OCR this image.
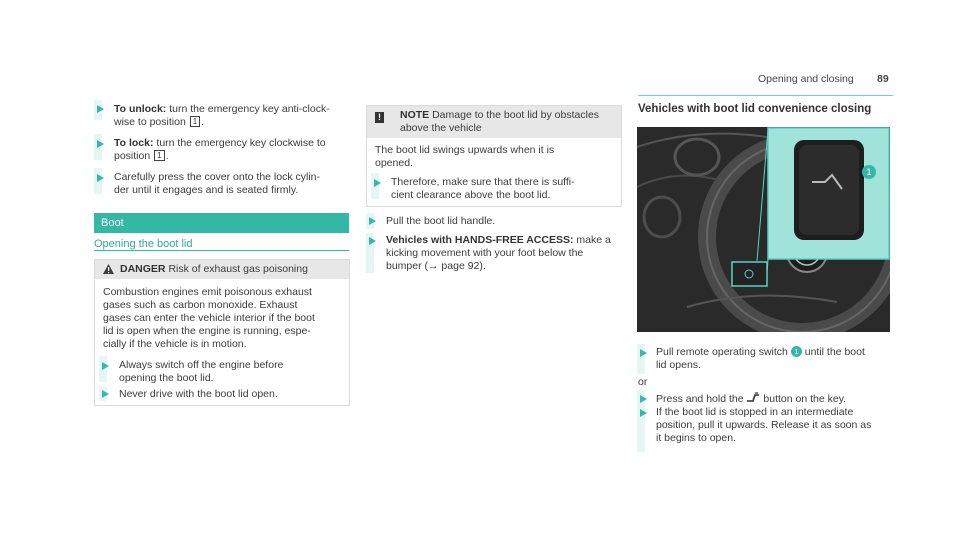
Opening and closing 89
To unlock: turn the emergency key anti-clock-
wise to position 1 .
To lock: turn the emergency key clockwise to
position 1 .
Carefully press the cover onto the lock cylin-
der until it engages and is seated firmly.
Boot
Opening the boot lid
DANGER Risk of exhaust gas poisoning
Combustion engines emit poisonous exhaust
gases such as carbon monoxide. Exhaust
gases can enter the vehicle interior if the boot
lid is open when the engine is running, espe-
cially if the vehicle is in motion.
Always switch off the engine before
opening the boot lid.
Never drive with the boot lid open.
! NOTE Damage to the boot lid by obstacles
above the vehicle
The boot lid swings upwards when it is
opened.
Therefore, make sure that there is suffi-
cient clearance above the boot lid.
Pull the boot lid handle.
Vehicles with HANDS-FREE ACCESS: make a
kicking movement with your foot below the
bumper (→ page 92).
Vehicles with boot lid convenience closing
1
Pull remote operating switch 1 until the boot
lid opens.
or
Press and hold the button on the key.
If the boot lid is stopped in an intermediate
position, pull it upwards. Release it as soon as
it begins to open.
